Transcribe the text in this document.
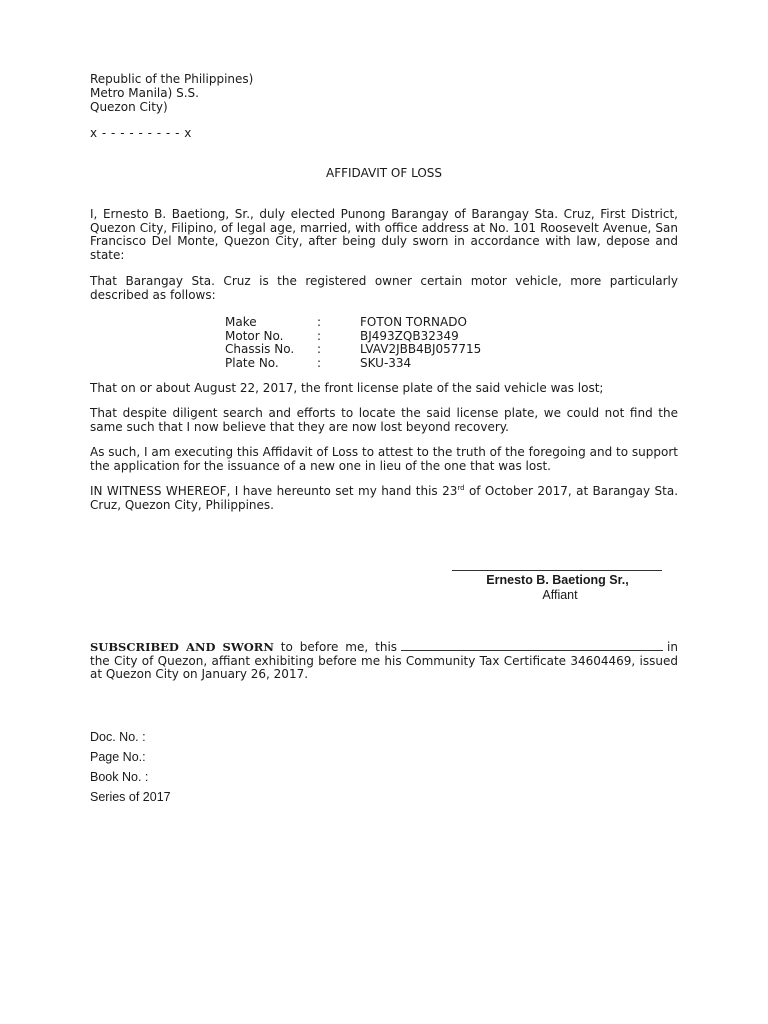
Republic of the Philippines)
Metro Manila) S.S.
Quezon City)
x - - - - - - - - - x
AFFIDAVIT OF LOSS
I, Ernesto B. Baetiong, Sr., duly elected Punong Barangay of Barangay Sta. Cruz, First District, Quezon City, Filipino, of legal age, married, with office address at No. 101 Roosevelt Avenue, San Francisco Del Monte, Quezon City, after being duly sworn in accordance with law, depose and state:
That Barangay Sta. Cruz is the registered owner certain motor vehicle, more particularly described as follows:
Make	:	FOTON TORNADO
Motor No.	:	BJ493ZQB32349
Chassis No.	:	LVAV2JBB4BJ057715
Plate No.	:	SKU-334
That on or about August 22, 2017, the front license plate of the said vehicle was lost;
That despite diligent search and efforts to locate the said license plate, we could not find the same such that I now believe that they are now lost beyond recovery.
As such, I am executing this Affidavit of Loss to attest to the truth of the foregoing and to support the application for the issuance of a new one in lieu of the one that was lost.
IN WITNESS WHEREOF, I have hereunto set my hand this 23rd of October 2017, at Barangay Sta. Cruz, Quezon City, Philippines.
Ernesto B. Baetiong Sr.,
Affiant
SUBSCRIBED AND SWORN to before me, this	in the City of Quezon, affiant exhibiting before me his Community Tax Certificate 34604469, issued at Quezon City on January 26, 2017.
Doc. No. :
Page No.:
Book No. :
Series of 2017
